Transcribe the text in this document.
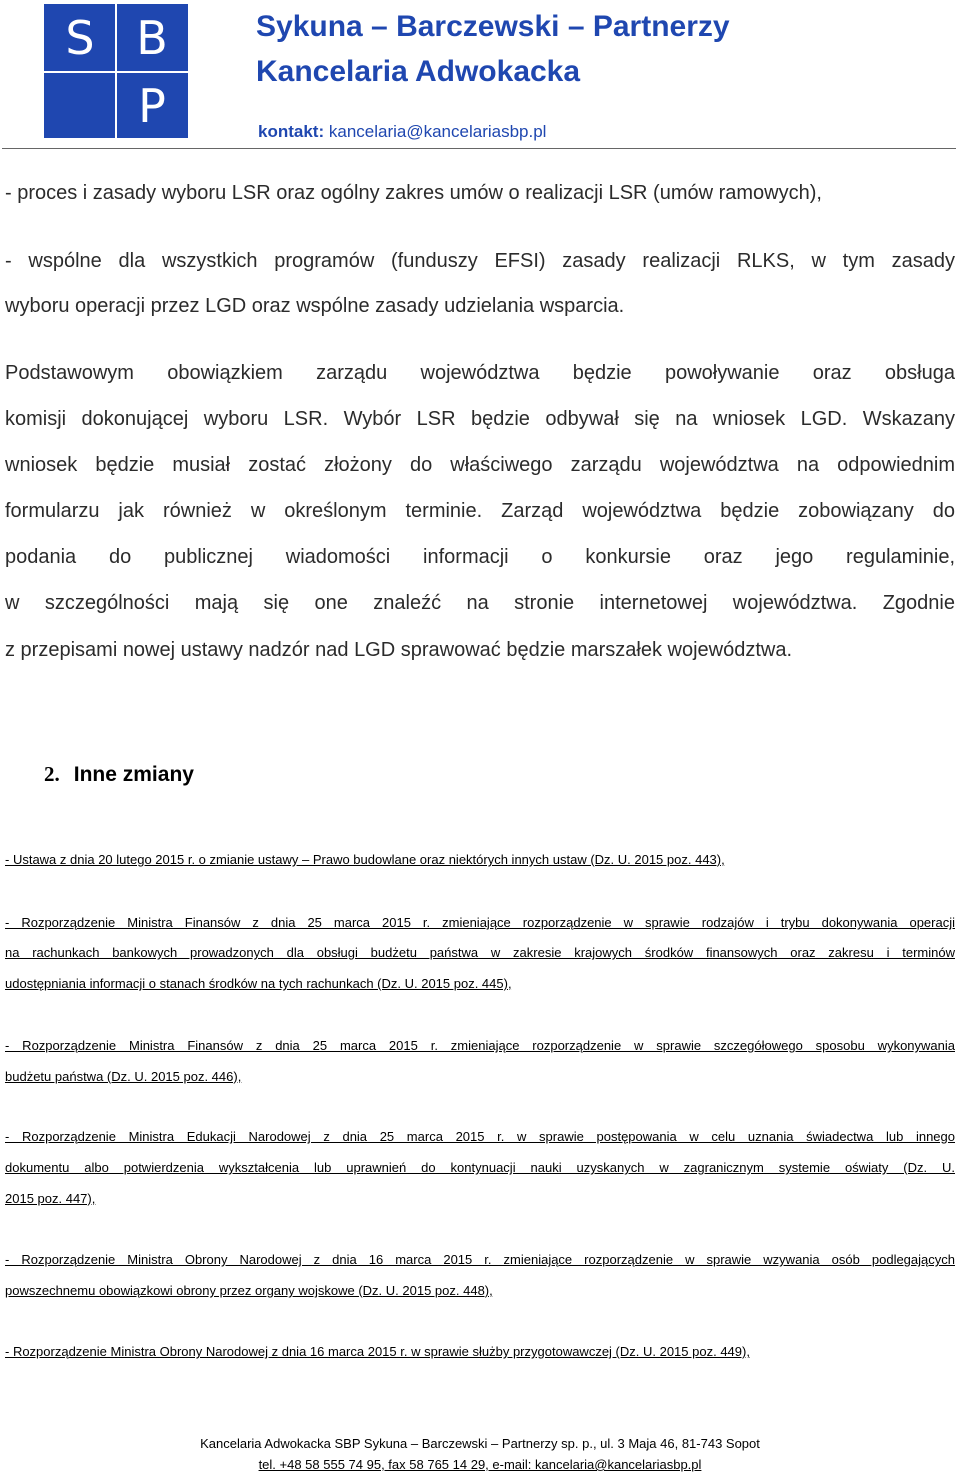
S B
P
Sykuna – Barczewski – Partnerzy
Kancelaria Adwokacka
kontakt: kancelaria@kancelariasbp.pl
- proces i zasady wyboru LSR oraz ogólny zakres umów o realizacji LSR (umów ramowych),
- wspólne dla wszystkich programów (funduszy EFSI) zasady realizacji RLKS, w tym zasady
wyboru operacji przez LGD oraz wspólne zasady udzielania wsparcia.
Podstawowym obowiązkiem zarządu województwa będzie powoływanie oraz obsługa
komisji dokonującej wyboru LSR. Wybór LSR będzie odbywał się na wniosek LGD. Wskazany
wniosek będzie musiał zostać złożony do właściwego zarządu województwa na odpowiednim
formularzu jak również w określonym terminie. Zarząd województwa będzie zobowiązany do
podania do publicznej wiadomości informacji o konkursie oraz jego regulaminie,
w szczególności mają się one znaleźć na stronie internetowej województwa. Zgodnie
z przepisami nowej ustawy nadzór nad LGD sprawować będzie marszałek województwa.
2. Inne zmiany
- Ustawa z dnia 20 lutego 2015 r. o zmianie ustawy – Prawo budowlane oraz niektórych innych ustaw (Dz. U. 2015 poz. 443),
- Rozporządzenie Ministra Finansów z dnia 25 marca 2015 r. zmieniające rozporządzenie w sprawie rodzajów i trybu dokonywania operacji
na rachunkach bankowych prowadzonych dla obsługi budżetu państwa w zakresie krajowych środków finansowych oraz zakresu i terminów
udostępniania informacji o stanach środków na tych rachunkach (Dz. U. 2015 poz. 445),
- Rozporządzenie Ministra Finansów z dnia 25 marca 2015 r. zmieniające rozporządzenie w sprawie szczegółowego sposobu wykonywania
budżetu państwa (Dz. U. 2015 poz. 446),
- Rozporządzenie Ministra Edukacji Narodowej z dnia 25 marca 2015 r. w sprawie postępowania w celu uznania świadectwa lub innego
dokumentu albo potwierdzenia wykształcenia lub uprawnień do kontynuacji nauki uzyskanych w zagranicznym systemie oświaty (Dz. U.
2015 poz. 447),
- Rozporządzenie Ministra Obrony Narodowej z dnia 16 marca 2015 r. zmieniające rozporządzenie w sprawie wzywania osób podlegających
powszechnemu obowiązkowi obrony przez organy wojskowe (Dz. U. 2015 poz. 448),
- Rozporządzenie Ministra Obrony Narodowej z dnia 16 marca 2015 r. w sprawie służby przygotowawczej (Dz. U. 2015 poz. 449),
Kancelaria Adwokacka SBP Sykuna – Barczewski – Partnerzy sp. p., ul. 3 Maja 46, 81-743 Sopot
tel. +48 58 555 74 95, fax 58 765 14 29, e-mail: kancelaria@kancelariasbp.pl
